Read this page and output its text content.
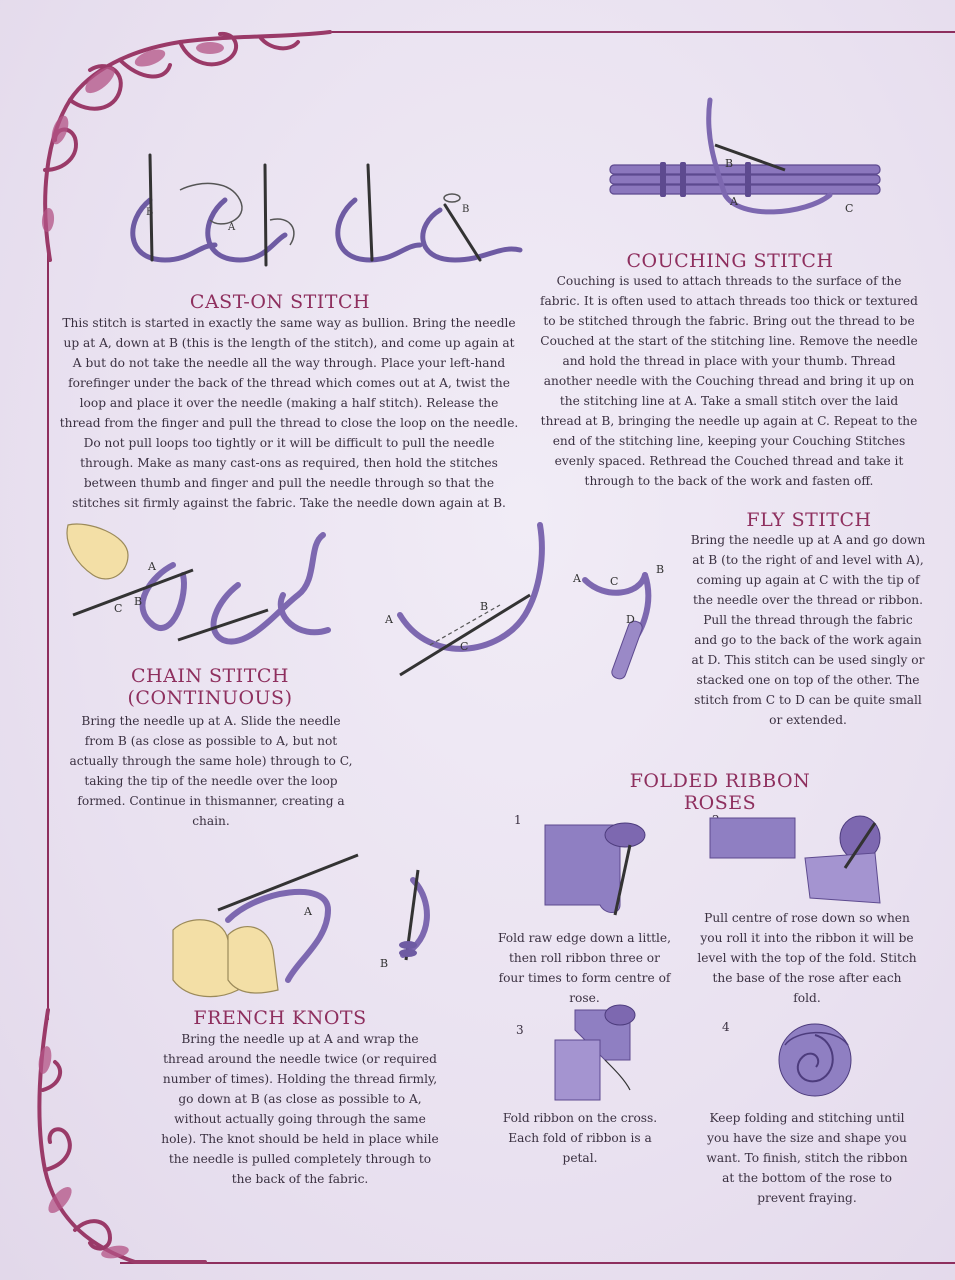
B
A
B
CAST-ON STITCH

This stitch is started in exactly the same way as bullion. Bring the needle up at A, down at B (this is the length of the stitch), and come up again at A but do not take the needle all the way through. Place your left-hand forefinger under the back of the thread which comes out at A, twist the loop and place it over the needle (making a half stitch). Release the thread from the finger and pull the thread to close the loop on the needle. Do not pull loops too tightly or it will be difficult to pull the needle through. Make as many cast-ons as required, then hold the stitches between thumb and finger and pull the needle through so that the stitches sit firmly against the fabric. Take the needle down again at B.

B
A
C
COUCHING STITCH

Couching is used to attach threads to the surface of the fabric. It is often used to attach threads too thick or textured to be stitched through the fabric. Bring out the thread to be Couched at the start of the stitching line. Remove the needle and hold the thread in place with your thumb. Thread another needle with the Couching thread and bring it up on the stitching line at A. Take a small stitch over the laid thread at B, bringing the needle up again at C. Repeat to the end of the stitching line, keeping your Couching Stitches evenly spaced. Rethread the Couched thread and take it through to the back of the work and fasten off.

A
C
B
CHAIN STITCH
(CONTINUOUS)

Bring the needle up at A. Slide the needle from B (as close as possible to A, but not actually through the same hole) through to C, taking the tip of the needle over the loop formed. Continue in thismanner, creating a chain.

A
B
C
A	C
B
D
FLY STITCH

Bring the needle up at A and go down at B (to the right of and level with A), coming up again at C with the tip of the needle over the thread or ribbon. Pull the thread through the fabric and go to the back of the work again at D. This stitch can be used singly or stacked one on top of the other. The stitch from C to D can be quite small or extended.

A
B
FRENCH KNOTS

Bring the needle up at A and wrap the thread around the needle twice (or required number of times). Holding the thread firmly, go down at B (as close as possible to A, without actually going through the same hole). The knot should be held in place while the needle is pulled completely through to the back of the fabric.

FOLDED RIBBON ROSES
1

Fold raw edge down a little, then roll ribbon three or four times to form centre of rose.

Pull centre of rose down so when you roll it into the ribbon it will be level with the top of the fold. Stitch the base of the rose after each fold.

3

Fold ribbon on the cross. Each fold of ribbon is a petal.

4

Keep folding and stitching until you have the size and shape you want. To finish, stitch the ribbon at the bottom of the rose to prevent fraying.
